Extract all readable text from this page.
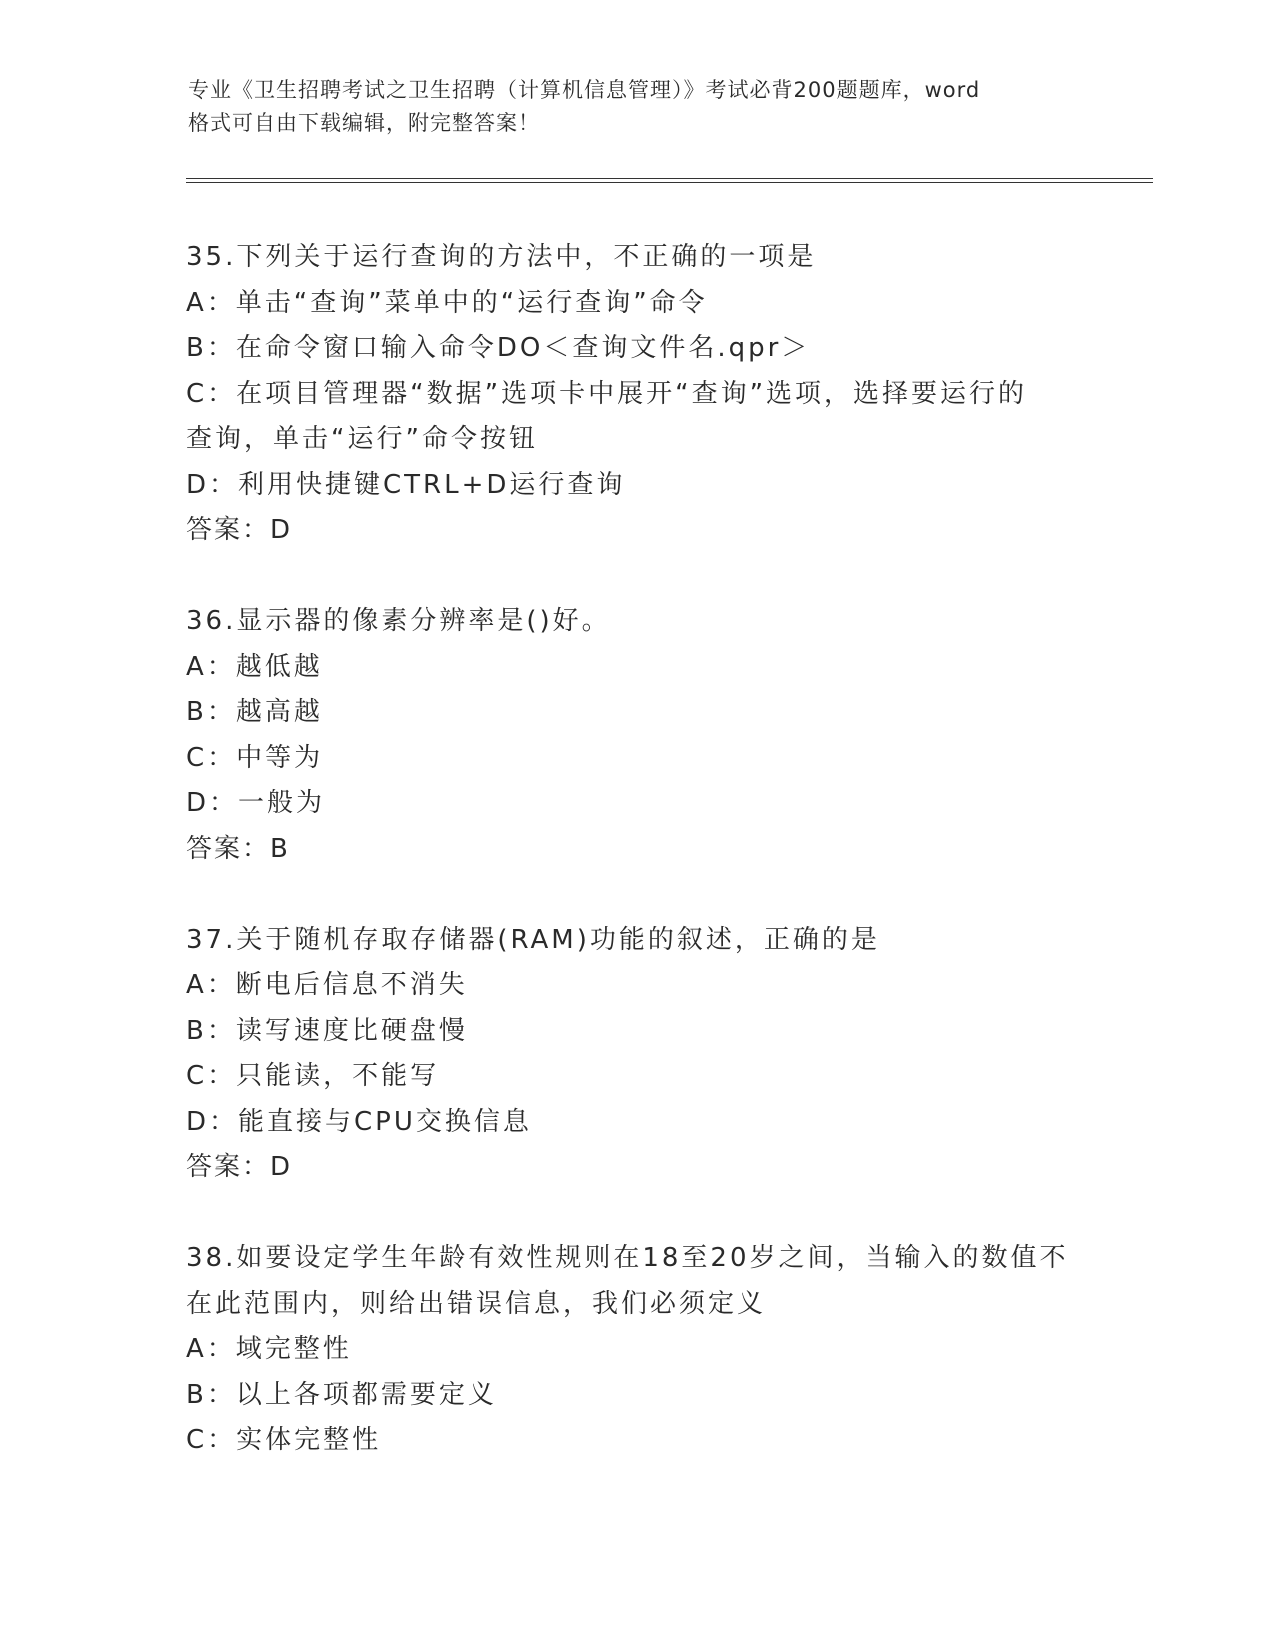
专业《卫生招聘考试之卫生招聘（计算机信息管理）》考试必背200题题库，word
格式可自由下载编辑，附完整答案！
35.下列关于运行查询的方法中，不正确的一项是
A：单击“查询”菜单中的“运行查询”命令
B：在命令窗口输入命令DO＜查询文件名.qpr＞
C：在项目管理器“数据”选项卡中展开“查询”选项，选择要运行的
查询，单击“运行”命令按钮
D：利用快捷键CTRL+D运行查询
答案：D
36.显示器的像素分辨率是()好。
A：越低越
B：越高越
C：中等为
D：一般为
答案：B
37.关于随机存取存储器(RAM)功能的叙述，正确的是
A：断电后信息不消失
B：读写速度比硬盘慢
C：只能读，不能写
D：能直接与CPU交换信息
答案：D
38.如要设定学生年龄有效性规则在18至20岁之间，当输入的数值不
在此范围内，则给出错误信息，我们必须定义
A：域完整性
B：以上各项都需要定义
C：实体完整性
